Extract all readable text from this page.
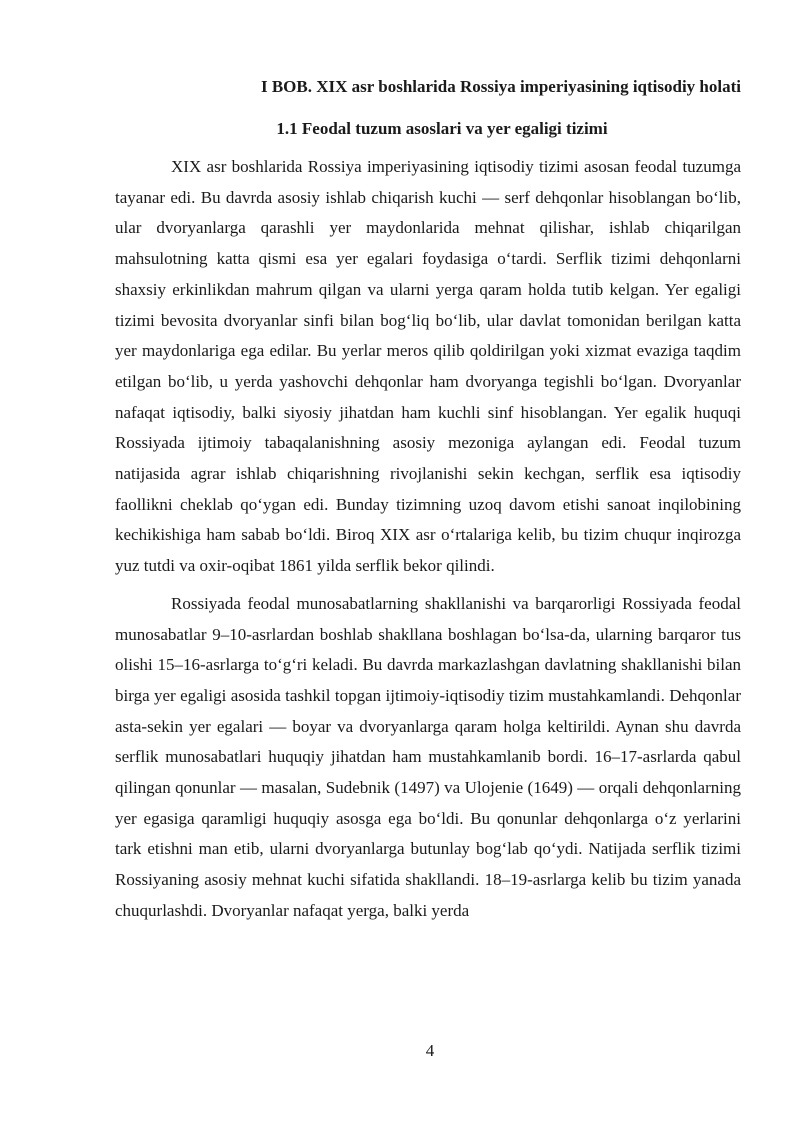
I BOB. XIX asr boshlarida Rossiya imperiyasining iqtisodiy holati

1.1 Feodal tuzum asoslari va yer egaligi tizimi

XIX asr boshlarida Rossiya imperiyasining iqtisodiy tizimi asosan feodal tuzumga tayanar edi. Bu davrda asosiy ishlab chiqarish kuchi — serf dehqonlar hisoblangan bo‘lib, ular dvoryanlarga qarashli yer maydonlarida mehnat qilishar, ishlab chiqarilgan mahsulotning katta qismi esa yer egalari foydasiga o‘tardi. Serflik tizimi dehqonlarni shaxsiy erkinlikdan mahrum qilgan va ularni yerga qaram holda tutib kelgan. Yer egaligi tizimi bevosita dvoryanlar sinfi bilan bog‘liq bo‘lib, ular davlat tomonidan berilgan katta yer maydonlariga ega edilar. Bu yerlar meros qilib qoldirilgan yoki xizmat evaziga taqdim etilgan bo‘lib, u yerda yashovchi dehqonlar ham dvoryanga tegishli bo‘lgan. Dvoryanlar nafaqat iqtisodiy, balki siyosiy jihatdan ham kuchli sinf hisoblangan. Yer egalik huquqi Rossiyada ijtimoiy tabaqalanishning asosiy mezoniga aylangan edi. Feodal tuzum natijasida agrar ishlab chiqarishning rivojlanishi sekin kechgan, serflik esa iqtisodiy faollikni cheklab qo‘ygan edi. Bunday tizimning uzoq davom etishi sanoat inqilobining kechikishiga ham sabab bo‘ldi. Biroq XIX asr o‘rtalariga kelib, bu tizim chuqur inqirozga yuz tutdi va oxir-oqibat 1861 yilda serflik bekor qilindi.

Rossiyada feodal munosabatlarning shakllanishi va barqarorligi Rossiyada feodal munosabatlar 9–10-asrlardan boshlab shakllana boshlagan bo‘lsa-da, ularning barqaror tus olishi 15–16-asrlarga to‘g‘ri keladi. Bu davrda markazlashgan davlatning shakllanishi bilan birga yer egaligi asosida tashkil topgan ijtimoiy-iqtisodiy tizim mustahkamlandi. Dehqonlar asta-sekin yer egalari — boyar va dvoryanlarga qaram holga keltirildi. Aynan shu davrda serflik munosabatlari huquqiy jihatdan ham mustahkamlanib bordi. 16–17-asrlarda qabul qilingan qonunlar — masalan, Sudebnik (1497) va Ulojenie (1649) — orqali dehqonlarning yer egasiga qaramligi huquqiy asosga ega bo‘ldi. Bu qonunlar dehqonlarga o‘z yerlarini tark etishni man etib, ularni dvoryanlarga butunlay bog‘lab qo‘ydi. Natijada serflik tizimi Rossiyaning asosiy mehnat kuchi sifatida shakllandi. 18–19-asrlarga kelib bu tizim yanada chuqurlashdi. Dvoryanlar nafaqat yerga, balki yerda

4
